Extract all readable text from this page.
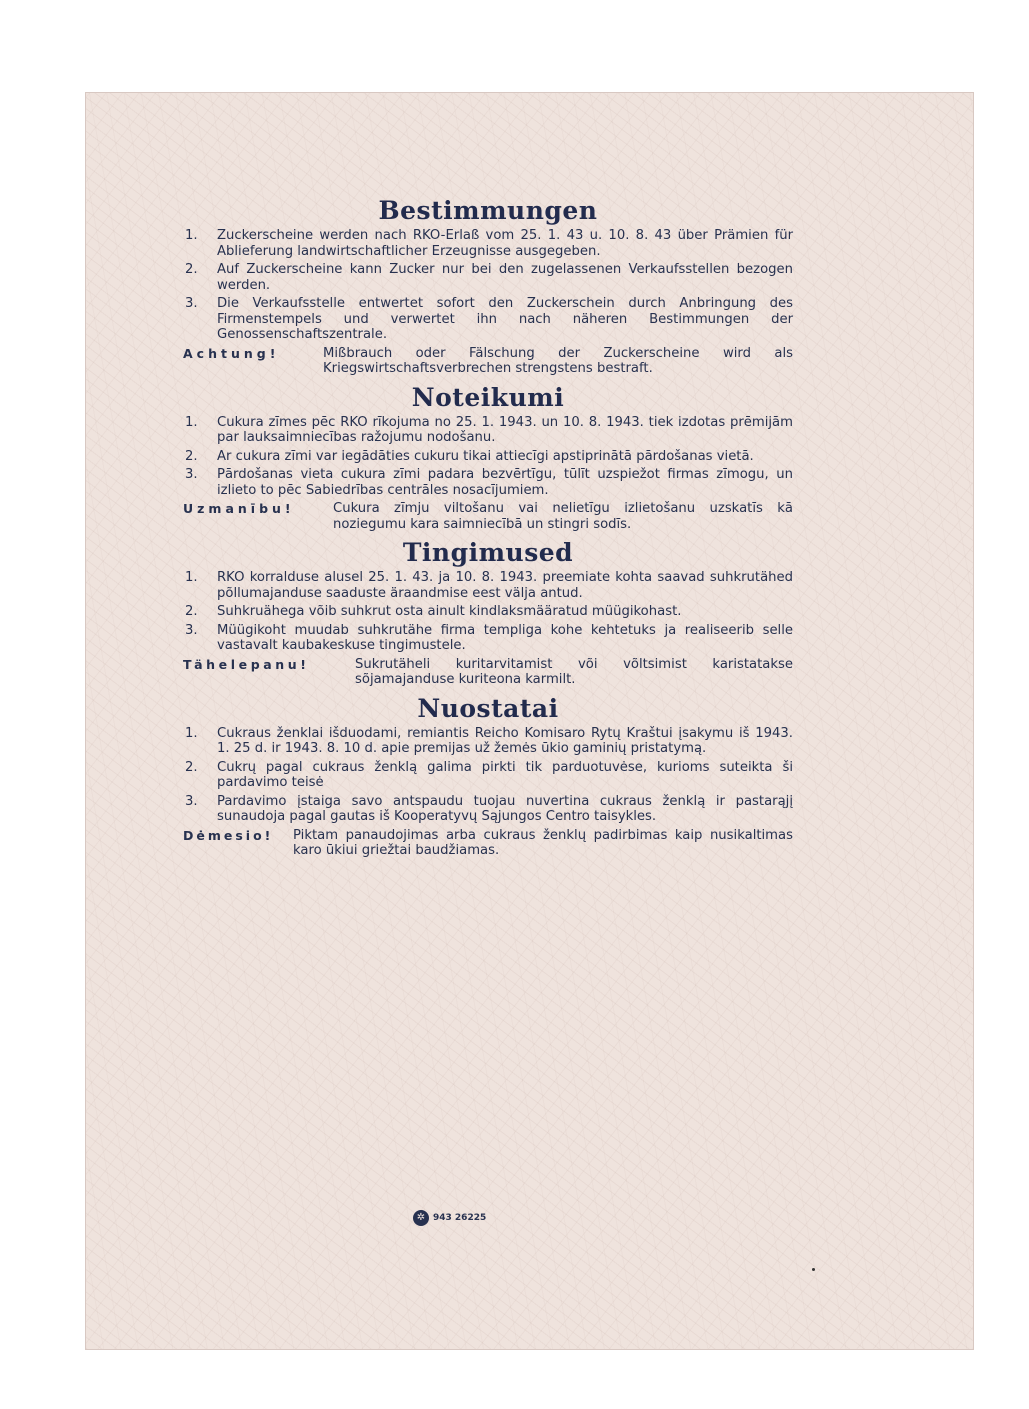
Bestimmungen
1.	Zuckerscheine werden nach RKO-Erlaß vom 25. 1. 43 u. 10. 8. 43 über Prämien für Ablieferung landwirtschaftlicher Erzeugnisse ausgegeben.
2.	Auf Zuckerscheine kann Zucker nur bei den zugelassenen Verkaufsstellen bezogen werden.
3.	Die Verkaufsstelle entwertet sofort den Zuckerschein durch Anbringung des Firmenstempels und verwertet ihn nach näheren Bestimmungen der Genossenschaftszentrale.
Achtung!	Mißbrauch oder Fälschung der Zuckerscheine wird als Kriegswirtschaftsverbrechen strengstens bestraft.
Noteikumi
1.	Cukura zīmes pēc RKO rīkojuma no 25. 1. 1943. un 10. 8. 1943. tiek izdotas prēmijām par lauksaimniecības ražojumu nodošanu.
2.	Ar cukura zīmi var iegādāties cukuru tikai attiecīgi apstiprinātā pārdošanas vietā.
3.	Pārdošanas vieta cukura zīmi padara bezvērtīgu, tūlīt uzspiežot firmas zīmogu, un izlieto to pēc Sabiedrības centrāles nosacījumiem.
Uzmanību!	Cukura zīmju viltošanu vai nelietīgu izlietošanu uzskatīs kā noziegumu kara saimniecībā un stingri sodīs.
Tingimused
1.	RKO korralduse alusel 25. 1. 43. ja 10. 8. 1943. preemiate kohta saavad suhkrutähed põllumajanduse saaduste äraandmise eest välja antud.
2.	Suhkruähega võib suhkrut osta ainult kindlaksmääratud müügikohast.
3.	Müügikoht muudab suhkrutähe firma templiga kohe kehtetuks ja realiseerib selle vastavalt kaubakeskuse tingimustele.
Tähelepanu!	Sukrutäheli kuritarvitamist või võltsimist karistatakse sõjamajanduse kuriteona karmilt.
Nuostatai
1.	Cukraus ženklai išduodami, remiantis Reicho Komisaro Rytų Kraštui įsakymu iš 1943. 1. 25 d. ir 1943. 8. 10 d. apie premijas už žemės ūkio gaminių pristatymą.
2.	Cukrų pagal cukraus ženklą galima pirkti tik parduotuvėse, kurioms suteikta ši pardavimo teisė
3.	Pardavimo įstaiga savo antspaudu tuojau nuvertina cukraus ženklą ir pastarąjį sunaudoja pagal gautas iš Kooperatyvų Sąjungos Centro taisykles.
Dėmesio!	Piktam panaudojimas arba cukraus ženklų padirbimas kaip nusikaltimas karo ūkiui griežtai baudžiamas.
✲ 943 26225
